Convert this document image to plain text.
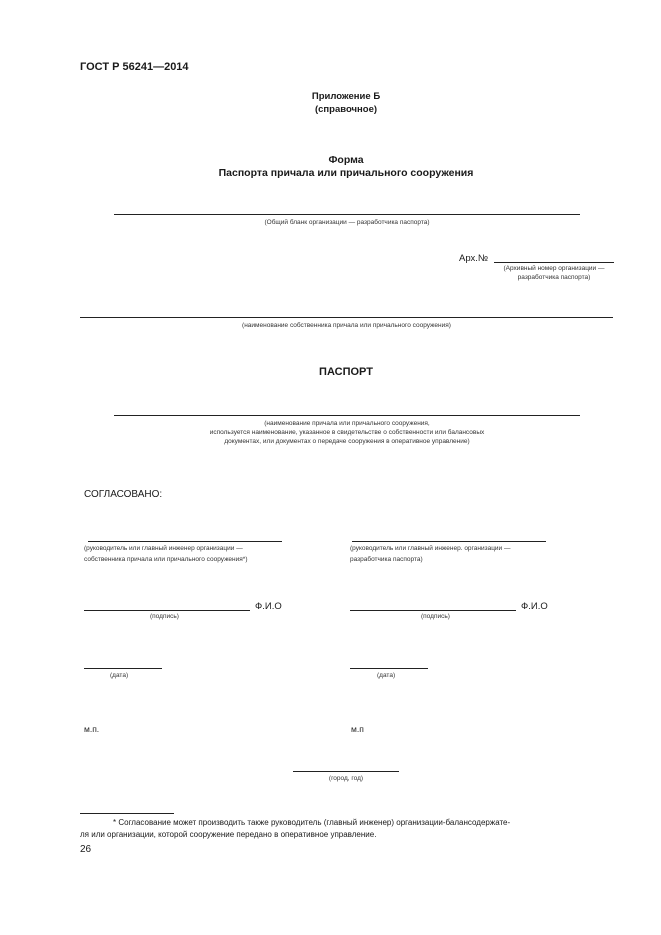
ГОСТ Р 56241—2014
Приложение Б
(справочное)
Форма
Паспорта причала или причального сооружения
(Общий бланк организации — разработчика паспорта)
Арх.№
(Архивный номер организации —
разработчика паспорта)
(наименование собственника причала или причального сооружения)
ПАСПОРТ
(наименование причала или причального сооружения,
используется наименование, указанное в свидетельстве о собственности или балансовых
документах, или документах о передаче сооружения в оперативное управление)
СОГЛАСОВАНО:
(руководитель или главный инженер организации —
собственника причала или причального сооружения*)
Ф.И.О
(подпись)
(дата)
м.п.
(руководитель или главный инженер. организации —
разработчика паспорта)
Ф.И.О
(подпись)
(дата)
м.п
(город, год)
* Согласование может производить также руководитель (главный инженер) организации-балансодержате-
ля или организации, которой сооружение передано в оперативное управление.
26
